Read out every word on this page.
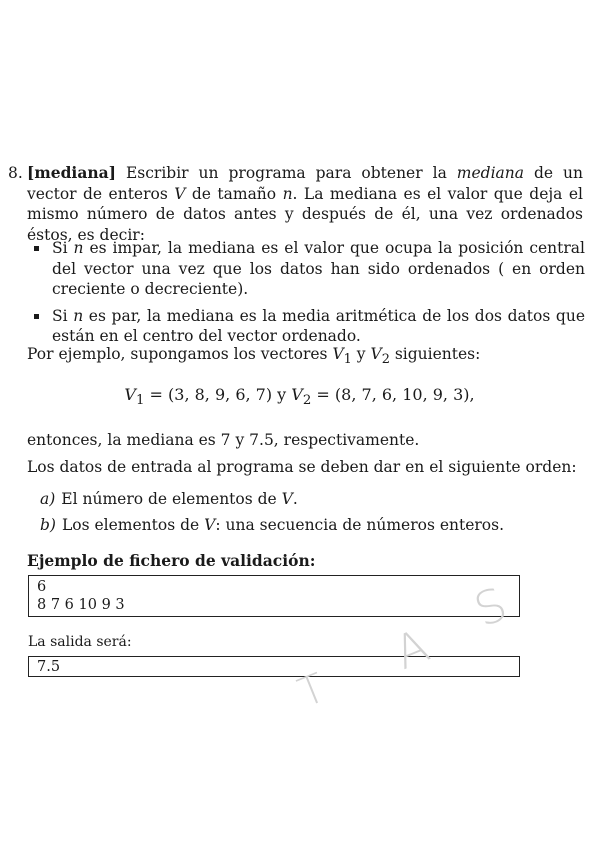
8. [mediana] Escribir un programa para obtener la mediana de un vector de enteros V de tamaño n. La mediana es el valor que deja el mismo número de datos antes y después de él, una vez ordenados éstos, es decir:
Si n es impar, la mediana es el valor que ocupa la posición central del vector una vez que los datos han sido ordenados ( en orden creciente o decreciente).
Si n es par, la mediana es la media aritmética de los dos datos que están en el centro del vector ordenado.
Por ejemplo, supongamos los vectores $V_1$ y $V_2$ siguientes:
$V_1 = (3$, 8, 9, 6, 7) y $V_2 = (8$, 7, 6, 10, 9, 3),
entonces, la mediana es 7 y 7.5, respectivamente.
Los datos de entrada al programa se deben dar en el siguiente orden:
a) El número de elementos de V.
b) Los elementos de V: una secuencia de números enteros.
Ejemplo de fichero de validación:
6
8 7 6 10 9 3
La salida será:
7.5
S
A
T
